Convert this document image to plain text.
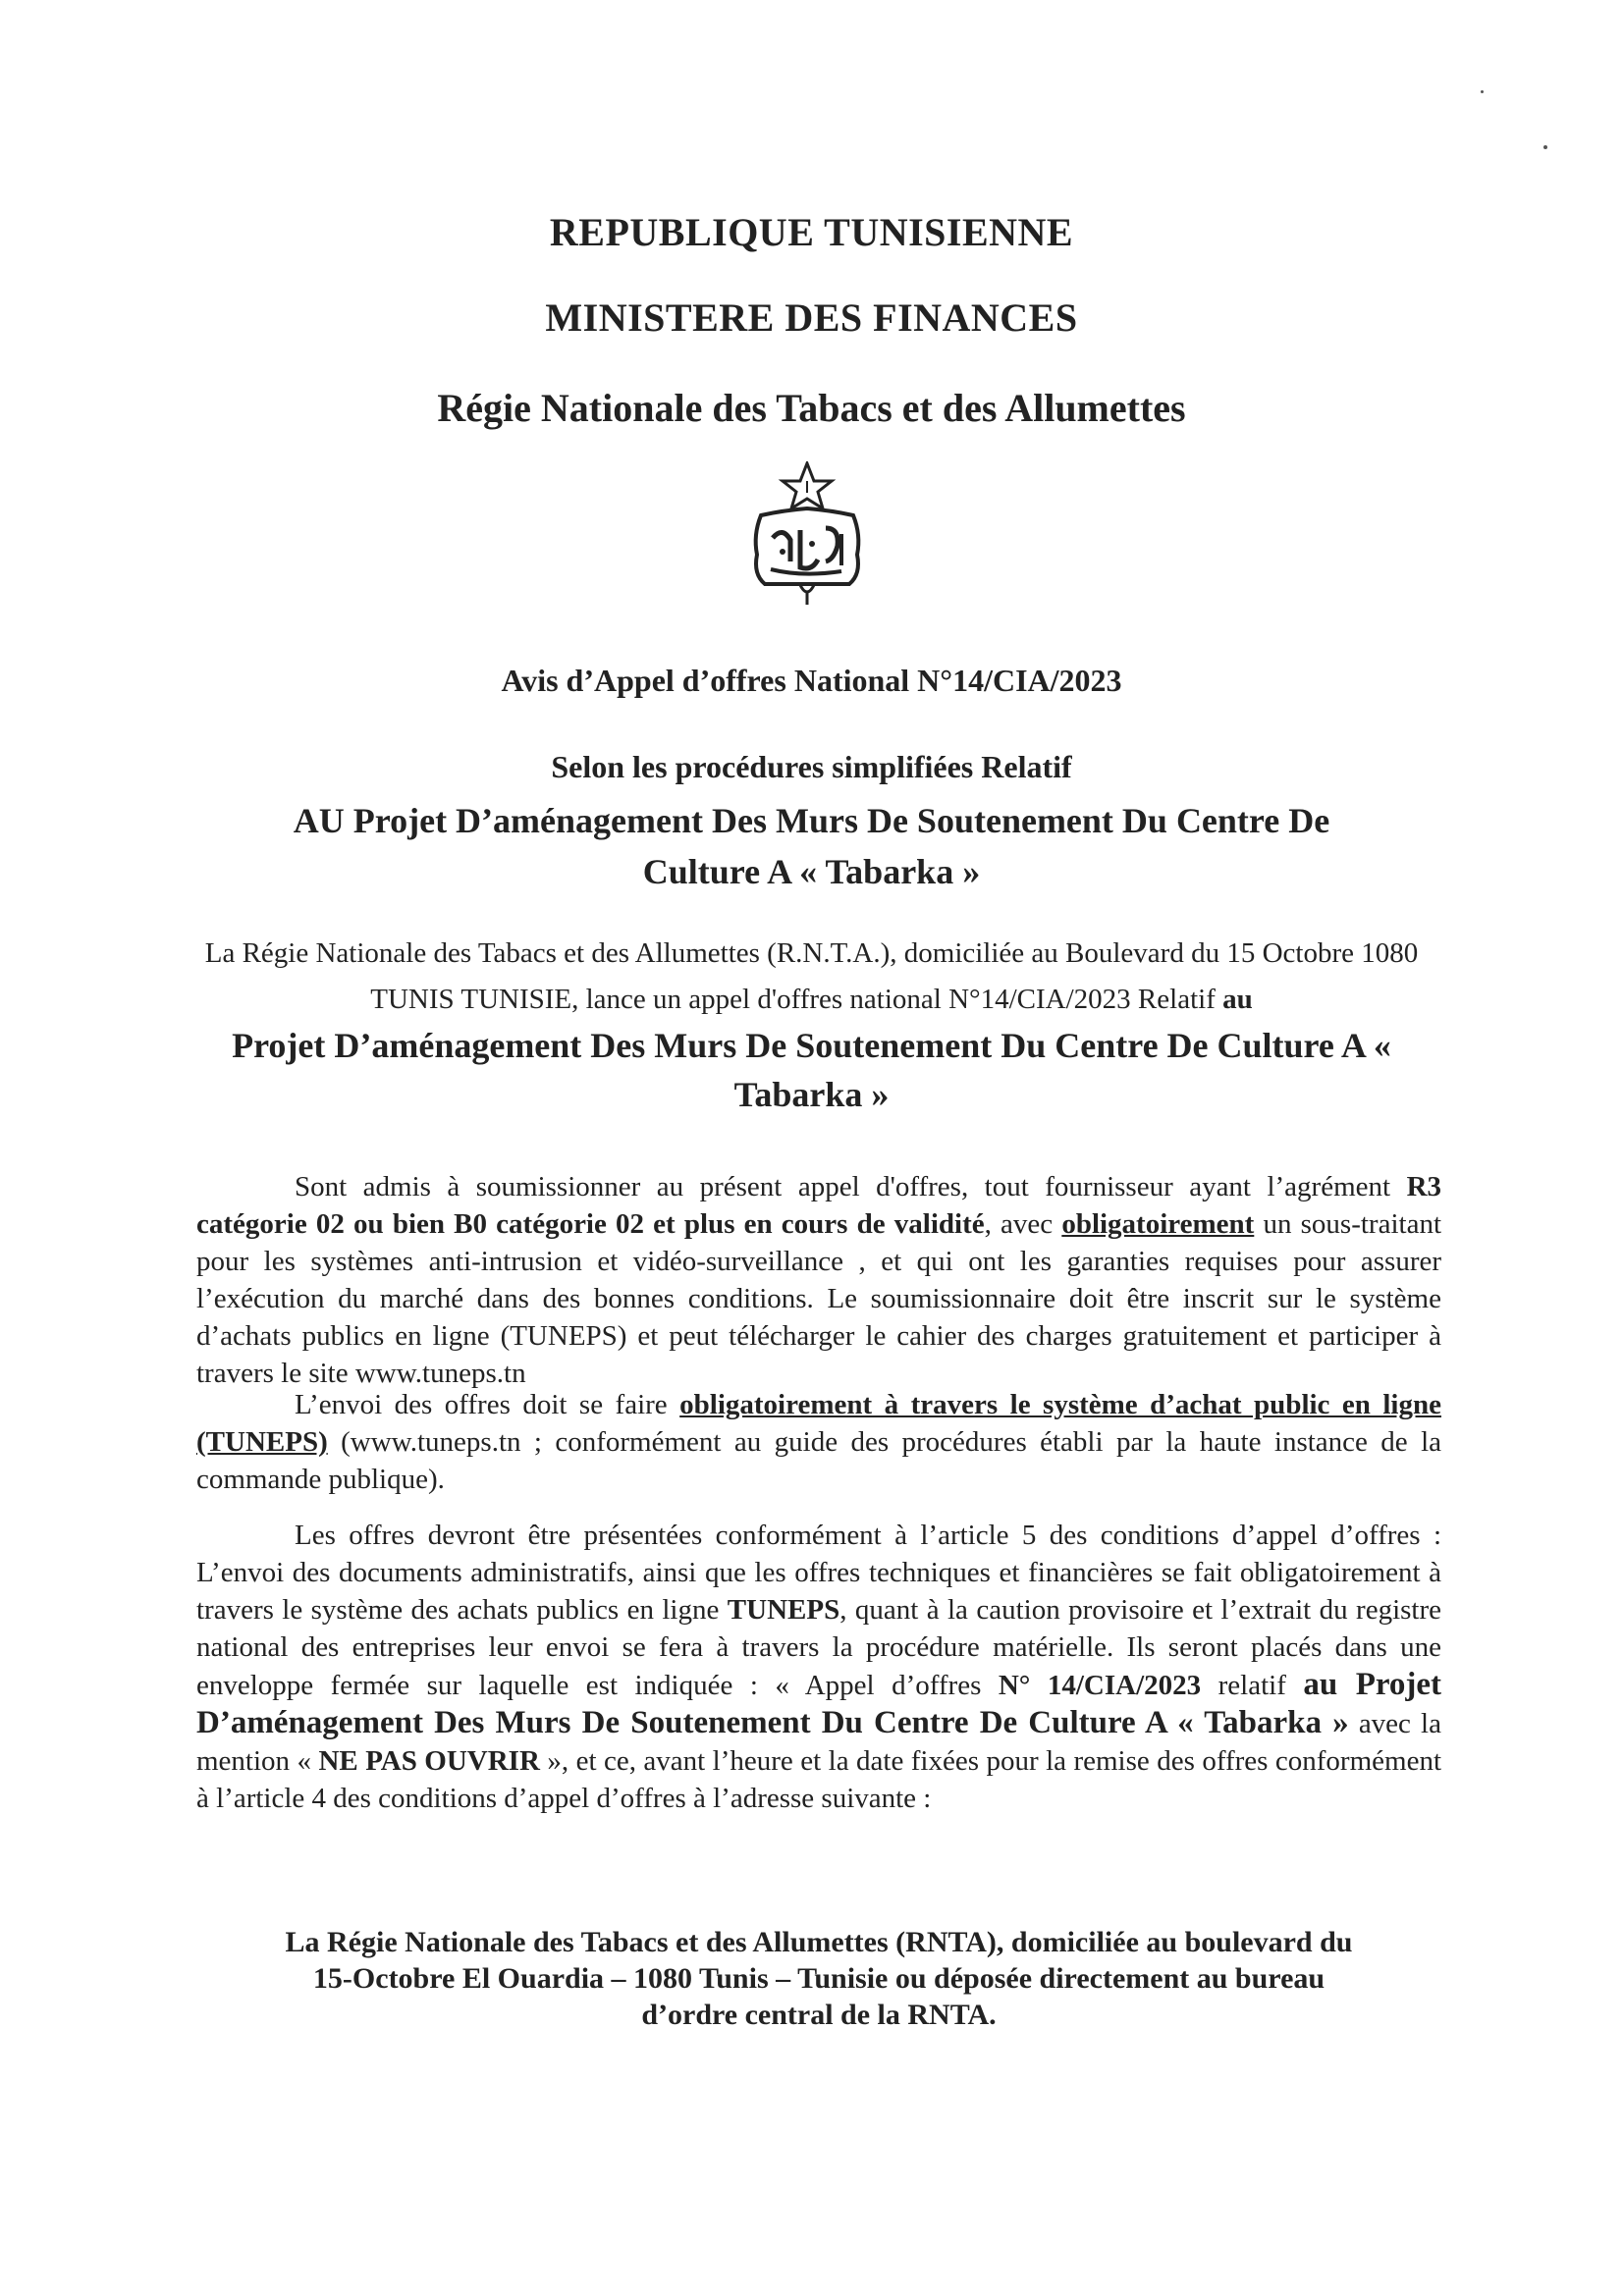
REPUBLIQUE TUNISIENNE
MINISTERE DES FINANCES
Régie Nationale des Tabacs et des Allumettes
Avis d’Appel d’offres National N°14/CIA/2023
Selon les procédures simplifiées Relatif
AU Projet D’aménagement Des Murs De Soutenement Du Centre De
Culture A « Tabarka »
La Régie Nationale des Tabacs et des Allumettes (R.N.T.A.), domiciliée au Boulevard du 15 Octobre 1080 TUNIS TUNISIE, lance un appel d'offres national N°14/CIA/2023 Relatif au
Projet D’aménagement Des Murs De Soutenement Du Centre De Culture A « Tabarka »
Sont admis à soumissionner au présent appel d'offres, tout fournisseur ayant l’agrément R3 catégorie 02 ou bien B0 catégorie 02 et plus en cours de validité, avec obligatoirement un sous-traitant pour les systèmes anti-intrusion et vidéo-surveillance , et qui ont les garanties requises pour assurer l’exécution du marché dans des bonnes conditions. Le soumissionnaire doit être inscrit sur le système d’achats publics en ligne (TUNEPS) et peut télécharger le cahier des charges gratuitement et participer à travers le site www.tuneps.tn
L’envoi des offres doit se faire obligatoirement à travers le système d’achat public en ligne (TUNEPS) (www.tuneps.tn ; conformément au guide des procédures établi par la haute instance de la commande publique).
Les offres devront être présentées conformément à l’article 5 des conditions d’appel d’offres : L’envoi des documents administratifs, ainsi que les offres techniques et financières se fait obligatoirement à travers le système des achats publics en ligne TUNEPS, quant à la caution provisoire et l’extrait du registre national des entreprises leur envoi se fera à travers la procédure matérielle. Ils seront placés dans une enveloppe fermée sur laquelle est indiquée : « Appel d’offres N° 14/CIA/2023 relatif au Projet D’aménagement Des Murs De Soutenement Du Centre De Culture A « Tabarka » avec la mention « NE PAS OUVRIR », et ce, avant l’heure et la date fixées pour la remise des offres conformément à l’article 4 des conditions d’appel d’offres à l’adresse suivante :
La Régie Nationale des Tabacs et des Allumettes (RNTA), domiciliée au boulevard du
15-Octobre El Ouardia – 1080 Tunis – Tunisie ou déposée directement au bureau
d’ordre central de la RNTA.
